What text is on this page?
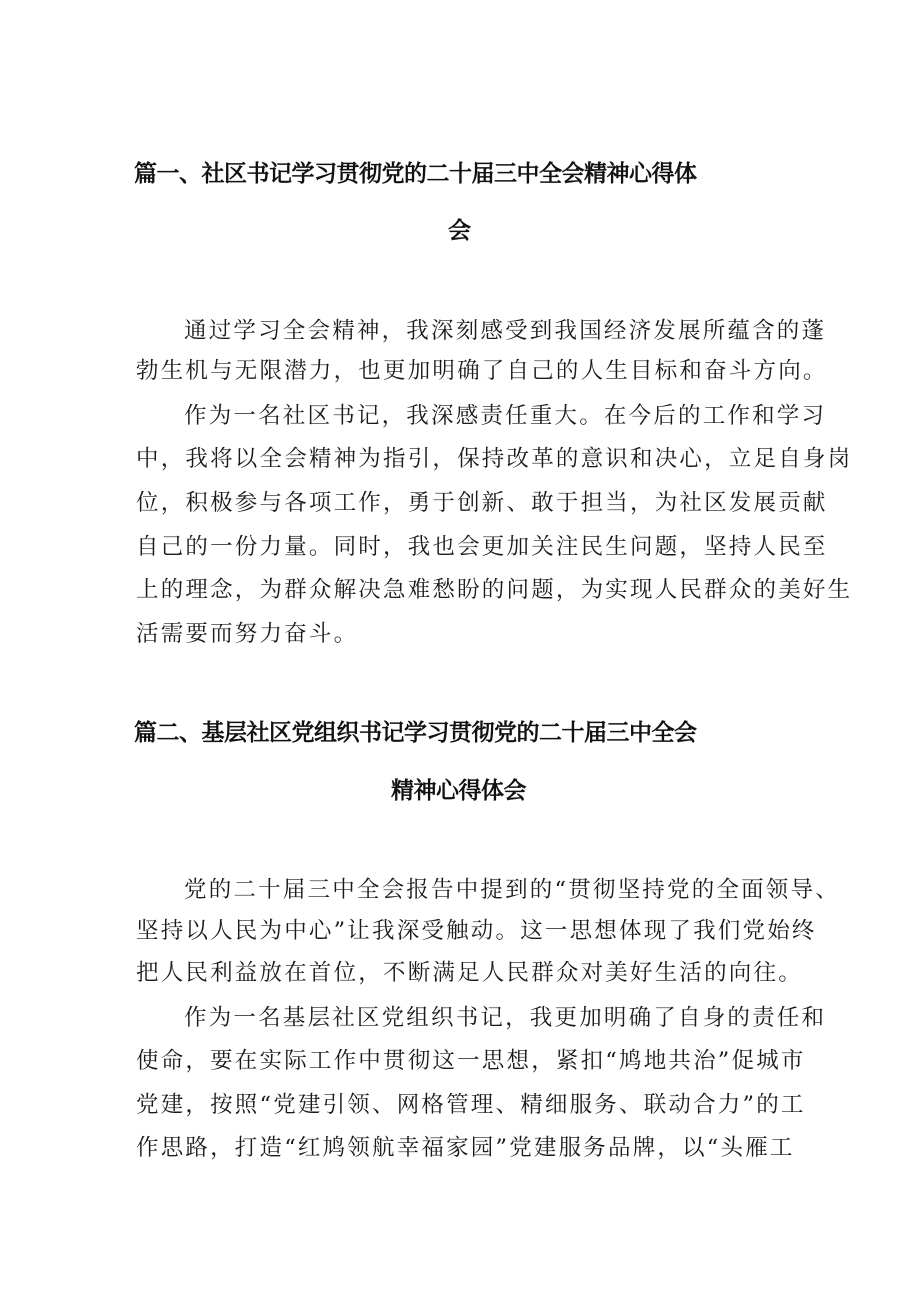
篇一、社区书记学习贯彻党的二十届三中全会精神心得体
会
通过学习全会精神，我深刻感受到我国经济发展所蕴含的蓬
勃生机与无限潜力，也更加明确了自己的人生目标和奋斗方向。
作为一名社区书记，我深感责任重大。在今后的工作和学习
中，我将以全会精神为指引，保持改革的意识和决心，立足自身岗
位，积极参与各项工作，勇于创新、敢于担当，为社区发展贡献
自己的一份力量。同时，我也会更加关注民生问题，坚持人民至
上的理念，为群众解决急难愁盼的问题，为实现人民群众的美好生
活需要而努力奋斗。
篇二、基层社区党组织书记学习贯彻党的二十届三中全会
精神心得体会
党的二十届三中全会报告中提到的“贯彻坚持党的全面领导、
坚持以人民为中心”让我深受触动。这一思想体现了我们党始终
把人民利益放在首位，不断满足人民群众对美好生活的向往。
作为一名基层社区党组织书记，我更加明确了自身的责任和
使命，要在实际工作中贯彻这一思想，紧扣“鸠地共治”促城市
党建，按照“党建引领、网格管理、精细服务、联动合力”的工
作思路，打造“红鸠领航幸福家园”党建服务品牌，以“头雁工
